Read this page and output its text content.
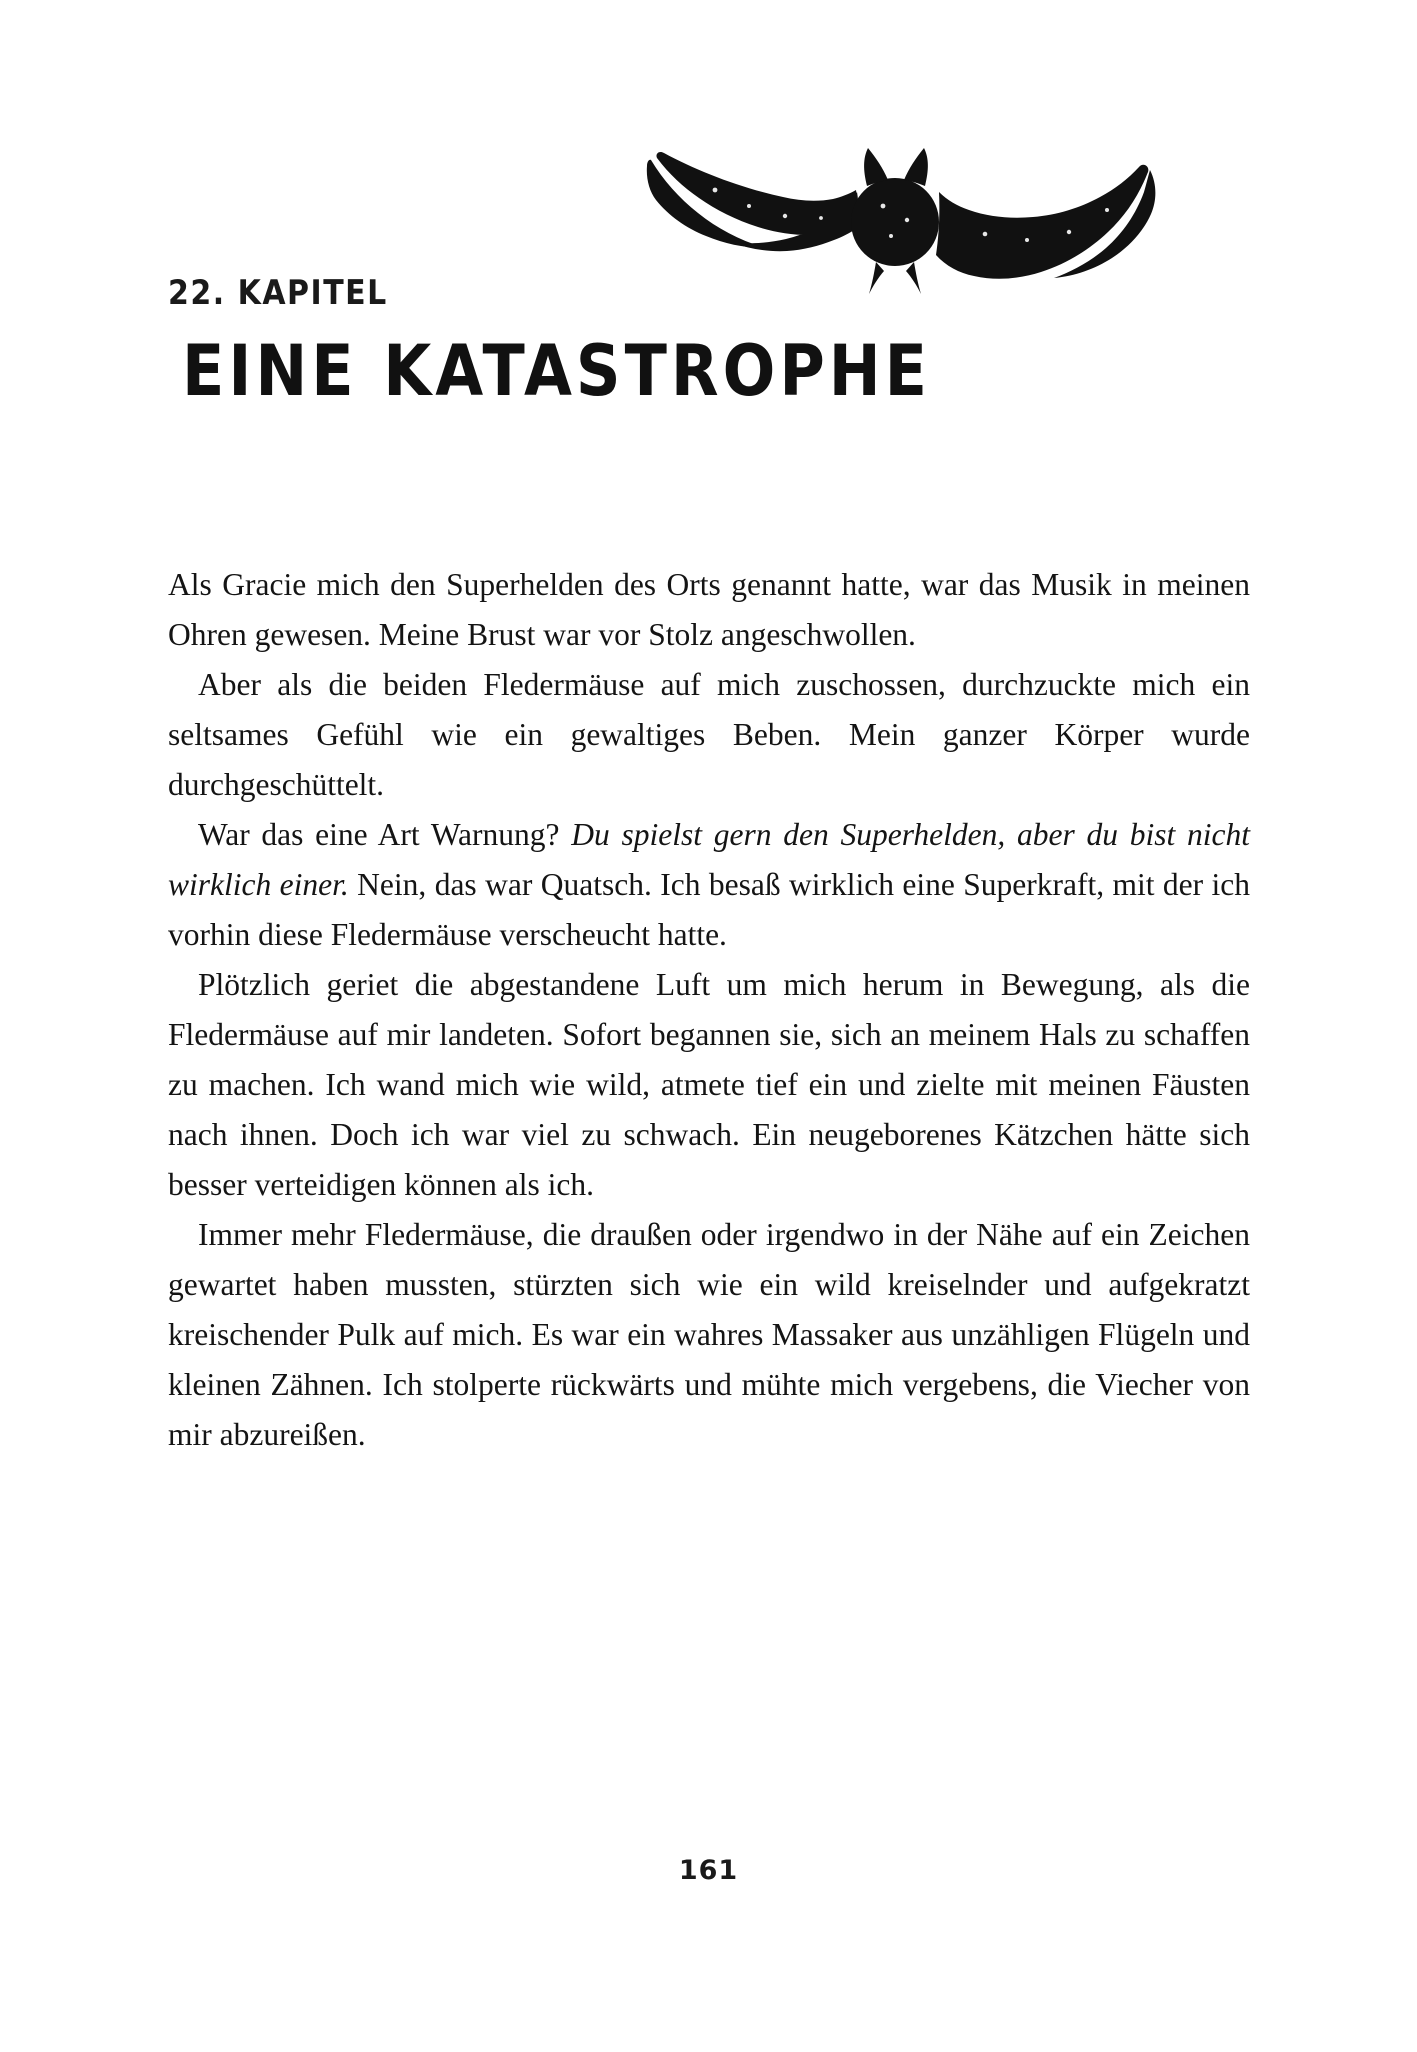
22. KAPITEL
EINE KATASTROPHE

Als Gracie mich den Superhelden des Orts genannt hatte, war das Musik in meinen Ohren gewesen. Meine Brust war vor Stolz angeschwollen.

Aber als die beiden Fledermäuse auf mich zuschossen, durchzuckte mich ein seltsames Gefühl wie ein gewaltiges Beben. Mein ganzer Körper wurde durchgeschüttelt.

War das eine Art Warnung? Du spielst gern den Superhelden, aber du bist nicht wirklich einer. Nein, das war Quatsch. Ich besaß wirklich eine Superkraft, mit der ich vorhin diese Fledermäuse verscheucht hatte.

Plötzlich geriet die abgestandene Luft um mich herum in Bewegung, als die Fledermäuse auf mir landeten. Sofort begannen sie, sich an meinem Hals zu schaffen zu machen. Ich wand mich wie wild, atmete tief ein und zielte mit meinen Fäusten nach ihnen. Doch ich war viel zu schwach. Ein neugeborenes Kätzchen hätte sich besser verteidigen können als ich.

Immer mehr Fledermäuse, die draußen oder irgendwo in der Nähe auf ein Zeichen gewartet haben mussten, stürzten sich wie ein wild kreiselnder und aufgekratzt kreischender Pulk auf mich. Es war ein wahres Massaker aus unzähligen Flügeln und kleinen Zähnen. Ich stolperte rückwärts und mühte mich vergebens, die Viecher von mir abzureißen.

161
